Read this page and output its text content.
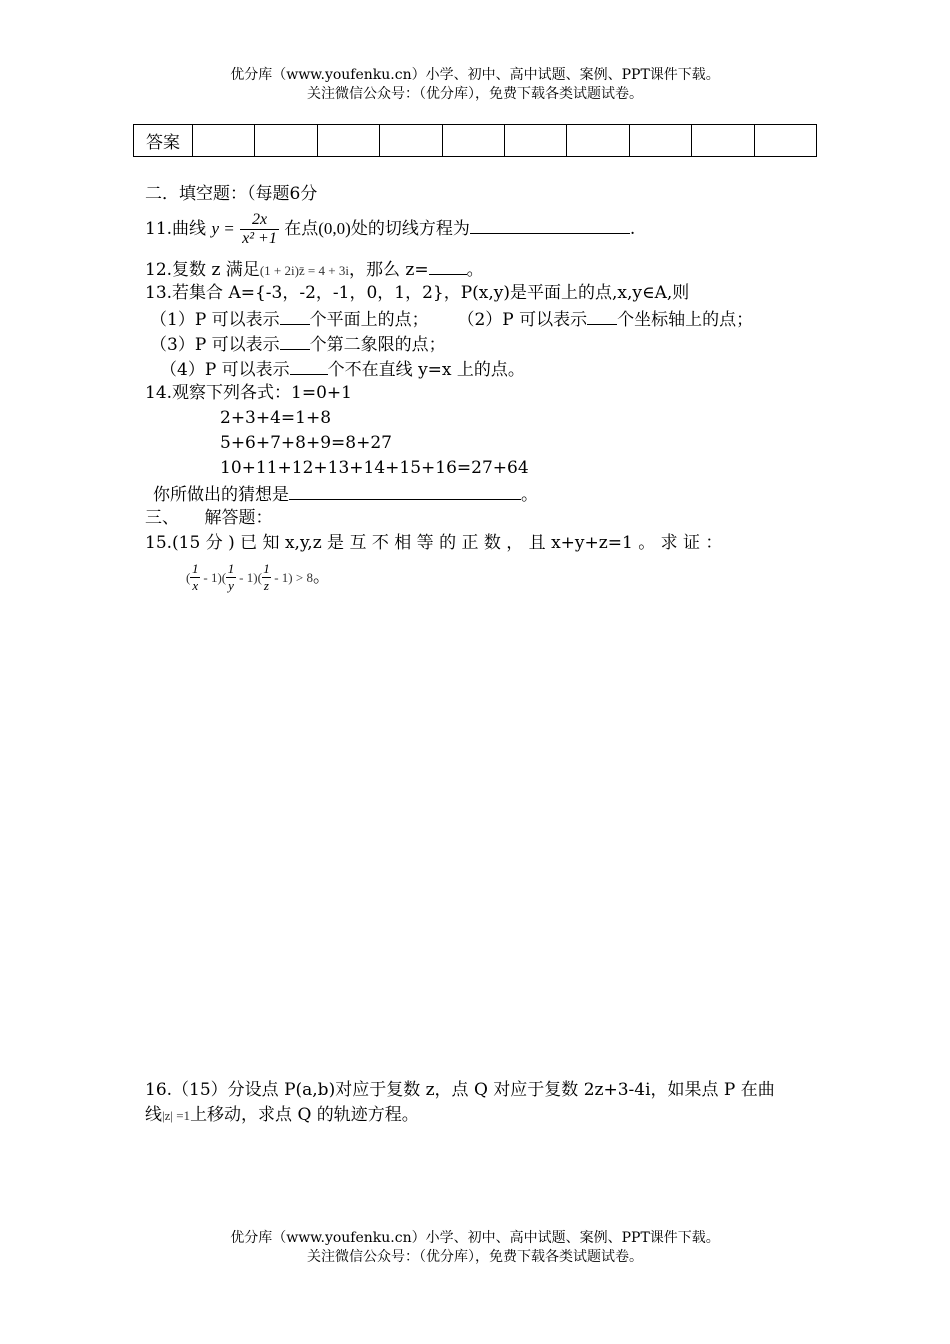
优分库（www.youfenku.cn）小学、初中、高中试题、案例、PPT课件下载。
关注微信公众号：（优分库），免费下载各类试题试卷。
答案										
二．填空题：（每题6分
11.曲线 $y = \frac{2x}{\text{x² +1}}$ 在点(0,0)处的切线方程为	.
12.复数 z 满足(1 + 2i)z̄ = 4 + 3i，那么 z= 。
13.若集合 A={-3，-2，-1，0，1，2}，P(x,y)是平面上的点,x,y∈A,则
（1）P 可以表示 个平面上的点； （2）P 可以表示 个坐标轴上的点；
（3）P 可以表示 个第二象限的点；
（4）P 可以表示 个不在直线 y=x 上的点。
14.观察下列各式：1=0+1
2+3+4=1+8
5+6+7+8+9=8+27
10+11+12+13+14+15+16=27+64
你所做出的猜想是	。
三、　　解答题：
15.(15 分 ) 已 知 x,y,z 是 互 不 相 等 的 正 数 ， 且 x+y+z=1 。 求 证 ：
( $\frac{1}{x} - 1)( \frac{1}{y} - 1)( \frac{1}{z} - 1) > 8$。
16.（15）分设点 P(a,b)对应于复数 z，点 Q 对应于复数 2z+3-4i，如果点 P 在曲
线|z| =1上移动，求点 Q 的轨迹方程。
优分库（www.youfenku.cn）小学、初中、高中试题、案例、PPT课件下载。
关注微信公众号：（优分库），免费下载各类试题试卷。
